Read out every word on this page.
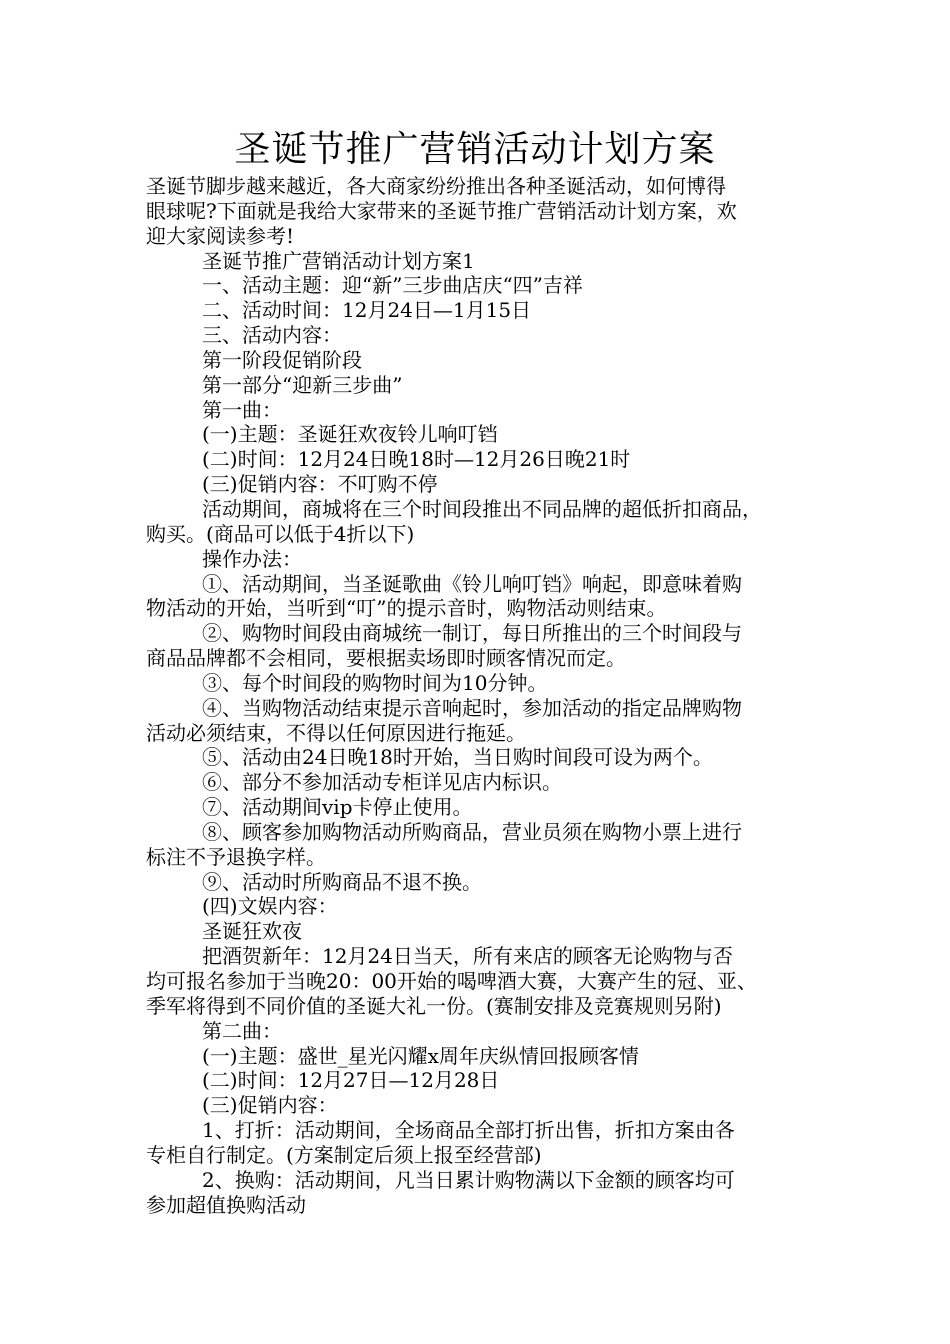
圣诞节推广营销活动计划方案
圣诞节脚步越来越近，各大商家纷纷推出各种圣诞活动，如何博得
眼球呢?下面就是我给大家带来的圣诞节推广营销活动计划方案，欢
迎大家阅读参考!
圣诞节推广营销活动计划方案1
一、活动主题：迎“新”三步曲店庆“四”吉祥
二、活动时间：12月24日—1月15日
三、活动内容：
第一阶段促销阶段
第一部分“迎新三步曲”
第一曲：
(一)主题：圣诞狂欢夜铃儿响叮铛
(二)时间：12月24日晚18时—12月26日晚21时
(三)促销内容：不叮购不停
活动期间，商城将在三个时间段推出不同品牌的超低折扣商品，
购买。(商品可以低于4折以下)
操作办法：
①、活动期间，当圣诞歌曲《铃儿响叮铛》响起，即意味着购
物活动的开始，当听到“叮”的提示音时，购物活动则结束。
②、购物时间段由商城统一制订，每日所推出的三个时间段与
商品品牌都不会相同，要根据卖场即时顾客情况而定。
③、每个时间段的购物时间为10分钟。
④、当购物活动结束提示音响起时，参加活动的指定品牌购物
活动必须结束，不得以任何原因进行拖延。
⑤、活动由24日晚18时开始，当日购时间段可设为两个。
⑥、部分不参加活动专柜详见店内标识。
⑦、活动期间vip卡停止使用。
⑧、顾客参加购物活动所购商品，营业员须在购物小票上进行
标注不予退换字样。
⑨、活动时所购商品不退不换。
(四)文娱内容：
圣诞狂欢夜
把酒贺新年：12月24日当天，所有来店的顾客无论购物与否
均可报名参加于当晚20：00开始的喝啤酒大赛，大赛产生的冠、亚、
季军将得到不同价值的圣诞大礼一份。(赛制安排及竞赛规则另附)
第二曲：
(一)主题：盛世_星光闪耀x周年庆纵情回报顾客情
(二)时间：12月27日—12月28日
(三)促销内容：
1、打折：活动期间，全场商品全部打折出售，折扣方案由各
专柜自行制定。(方案制定后须上报至经营部)
2、换购：活动期间，凡当日累计购物满以下金额的顾客均可
参加超值换购活动
